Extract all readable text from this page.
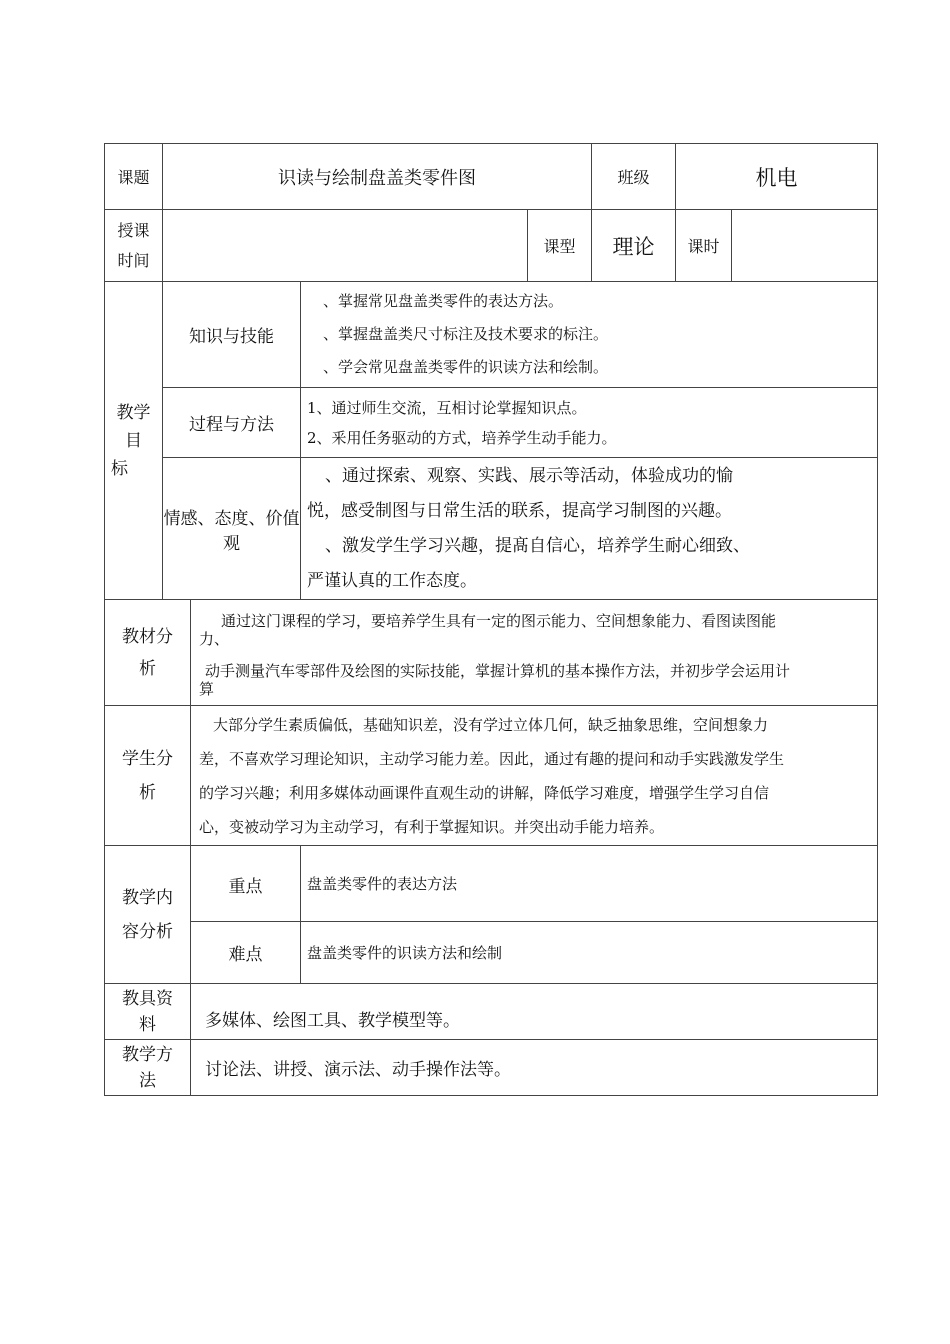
课题	识读与绘制盘盖类零件图				班级	机电	

授课
时间				课型	理论	课时	

教学
目
标	知识与技能		、掌握常见盘盖类零件的表达方法。
、掌握盘盖类尺寸标注及技术要求的标注。
、学会常见盘盖类零件的识读方法和绘制。				

	过程与方法		1、通过师生交流，互相讨论掌握知识点。
2、釆用任务驱动的方式，培养学生动手能力。				

	情感、态度、价值观		、通过探索、观察、实践、展示等活动，体验成功的愉
悦，感受制图与日常生活的联系，提高学习制图的兴趣。
、激发学生学习兴趣，提髙自信心，培养学生耐心细致、
严谨认真的工作态度。				

教材分
析		通过这门课程的学习，要培养学生具有一定的图示能力、空间想象能力、看图读图能
力、
动手测量汽车零部件及绘图的实际技能，掌握计算机的基本操作方法，并初步学会运用计
算					

学生分
析		大部分学生素质偏低，基础知识差，没有学过立体几何，缺乏抽象思维，空间想象力
差，不喜欢学习理论知识，主动学习能力差。因此，通过有趣的提问和动手实践激发学生
的学习兴趣；利用多媒体动画课件直观生动的讲解，降低学习难度，增强学生学习自信
心，变被动学习为主动学习，有利于掌握知识。并突出动手能力培养。					

教学内
容分析		重点	盘盖类零件的表达方法				
		难点	盘盖类零件的识读方法和绘制				

教具资
料		多媒体、绘图工具、教学模型等。					

教学方
法		讨论法、讲授、演示法、动手操作法等。					
